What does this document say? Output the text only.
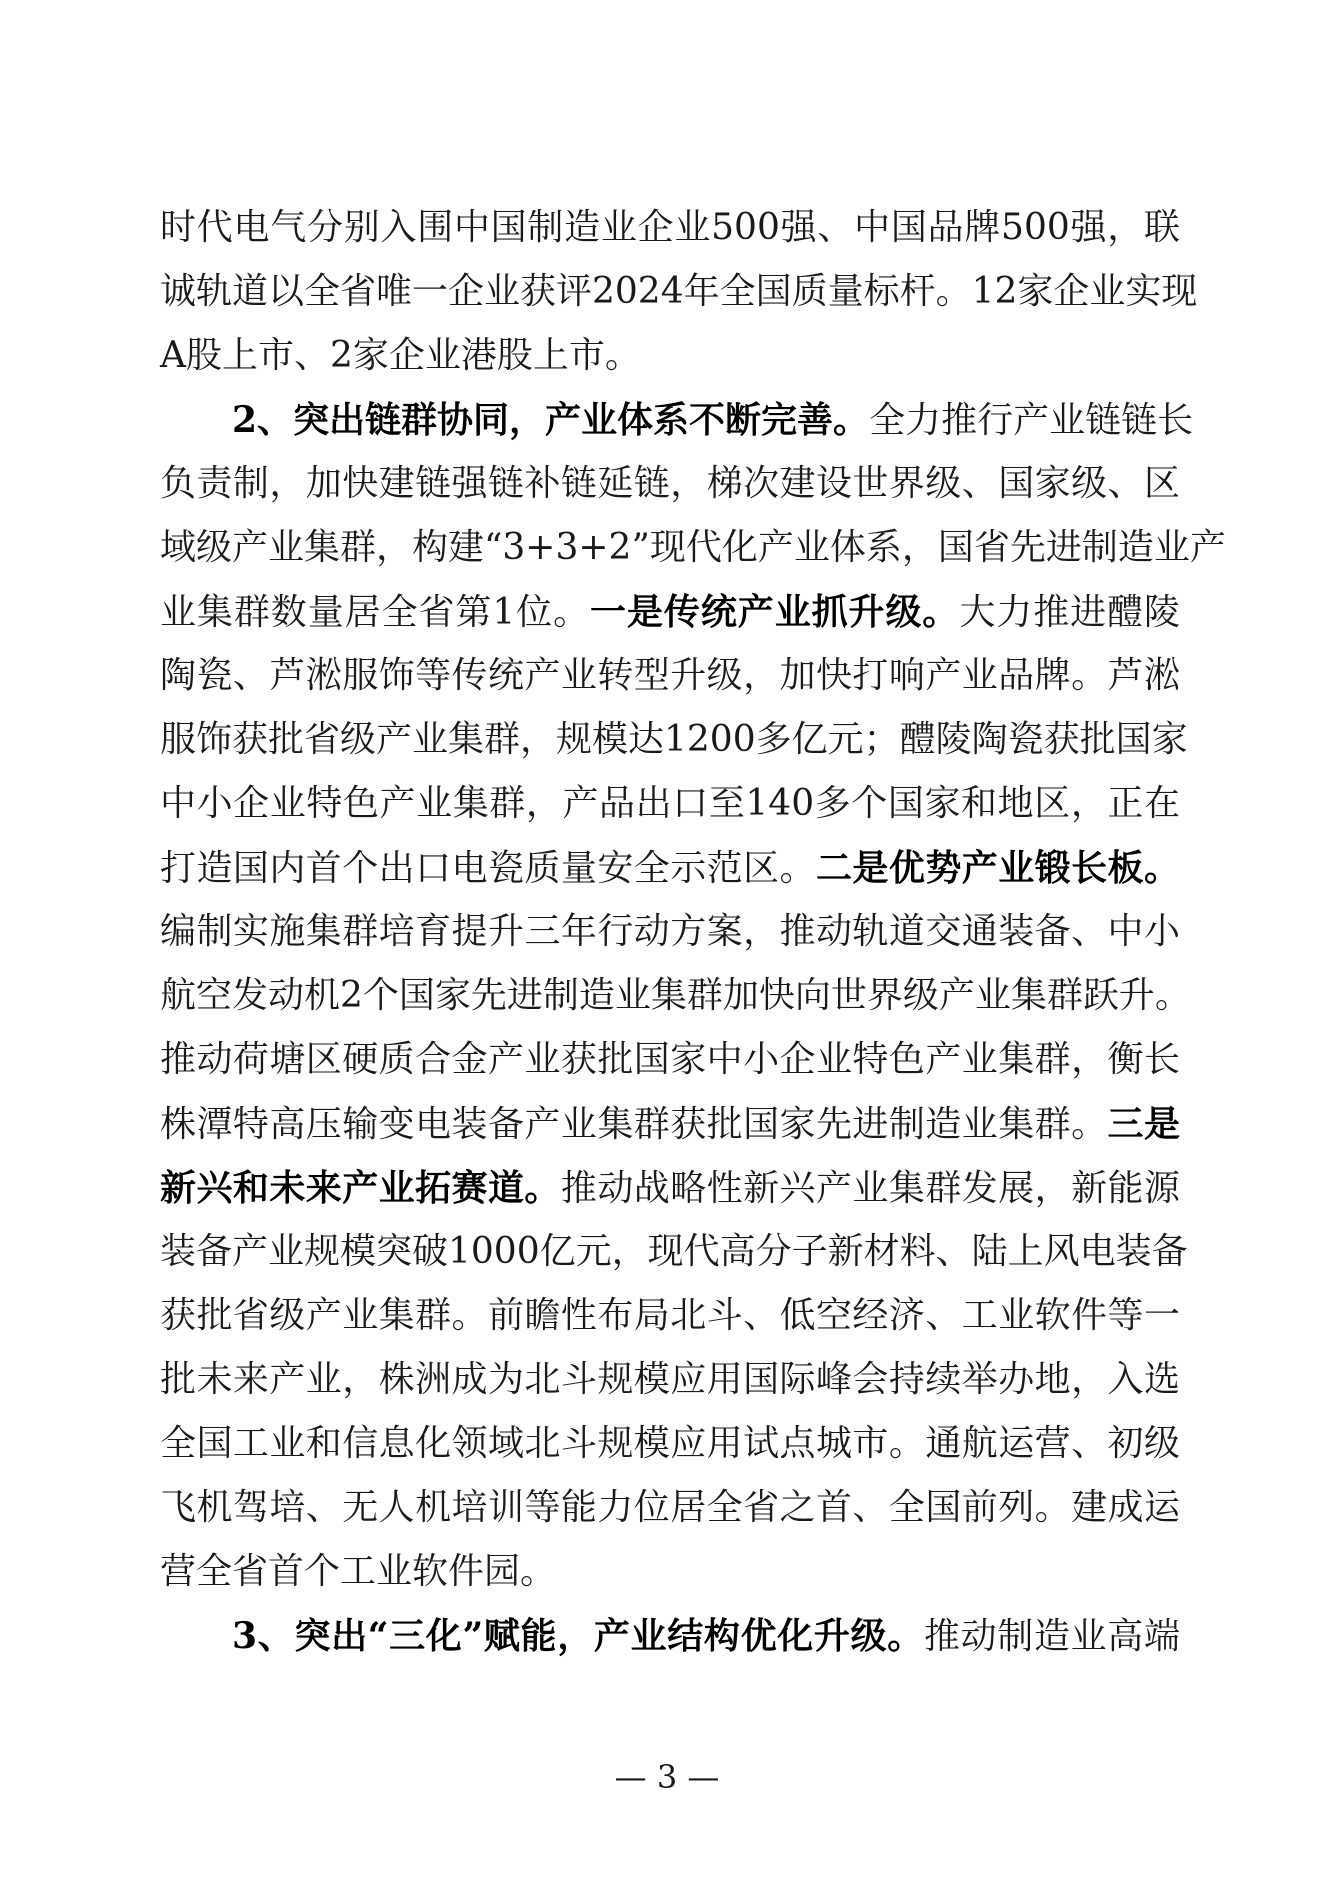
时代电气分别入围中国制造业企业500强、中国品牌500强，联
诚轨道以全省唯一企业获评2024年全国质量标杆。12家企业实现
A股上市、2家企业港股上市。
2、突出链群协同，产业体系不断完善。全力推行产业链链长
负责制，加快建链强链补链延链，梯次建设世界级、国家级、区
域级产业集群，构建“3+3+2”现代化产业体系，国省先进制造业产
业集群数量居全省第1位。一是传统产业抓升级。大力推进醴陵
陶瓷、芦淞服饰等传统产业转型升级，加快打响产业品牌。芦淞
服饰获批省级产业集群，规模达1200多亿元；醴陵陶瓷获批国家
中小企业特色产业集群，产品出口至140多个国家和地区，正在
打造国内首个出口电瓷质量安全示范区。二是优势产业锻长板。
编制实施集群培育提升三年行动方案，推动轨道交通装备、中小
航空发动机2个国家先进制造业集群加快向世界级产业集群跃升。
推动荷塘区硬质合金产业获批国家中小企业特色产业集群，衡长
株潭特高压输变电装备产业集群获批国家先进制造业集群。三是
新兴和未来产业拓赛道。推动战略性新兴产业集群发展，新能源
装备产业规模突破1000亿元，现代高分子新材料、陆上风电装备
获批省级产业集群。前瞻性布局北斗、低空经济、工业软件等一
批未来产业，株洲成为北斗规模应用国际峰会持续举办地，入选
全国工业和信息化领域北斗规模应用试点城市。通航运营、初级
飞机驾培、无人机培训等能力位居全省之首、全国前列。建成运
营全省首个工业软件园。
3、突出“三化”赋能，产业结构优化升级。推动制造业高端
— 3 —
